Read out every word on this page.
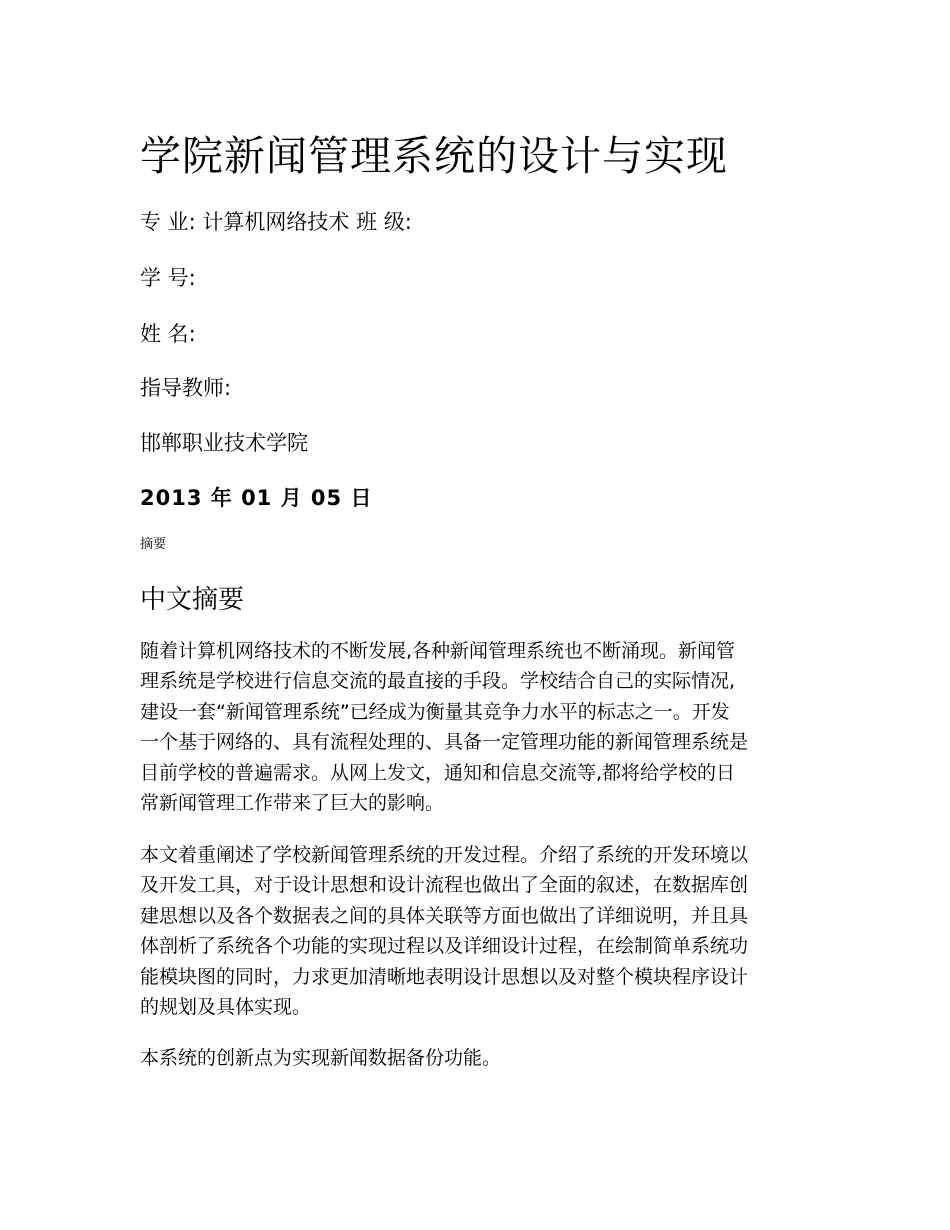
学院新闻管理系统的设计与实现
专 业: 计算机网络技术 班 级:
学 号:
姓 名:
指导教师:
邯郸职业技术学院
2013 年 01 月 05 日
摘要
中文摘要

随着计算机网络技术的不断发展,各种新闻管理系统也不断涌现。新闻管
理系统是学校进行信息交流的最直接的手段。学校结合自己的实际情况,
建设一套“新闻管理系统”已经成为衡量其竞争力水平的标志之一。开发
一个基于网络的、具有流程处理的、具备一定管理功能的新闻管理系统是
目前学校的普遍需求。从网上发文，通知和信息交流等,都将给学校的日
常新闻管理工作带来了巨大的影响。

本文着重阐述了学校新闻管理系统的开发过程。介绍了系统的开发环境以
及开发工具，对于设计思想和设计流程也做出了全面的叙述，在数据库创
建思想以及各个数据表之间的具体关联等方面也做出了详细说明，并且具
体剖析了系统各个功能的实现过程以及详细设计过程，在绘制简单系统功
能模块图的同时，力求更加清晰地表明设计思想以及对整个模块程序设计
的规划及具体实现。

本系统的创新点为实现新闻数据备份功能。
